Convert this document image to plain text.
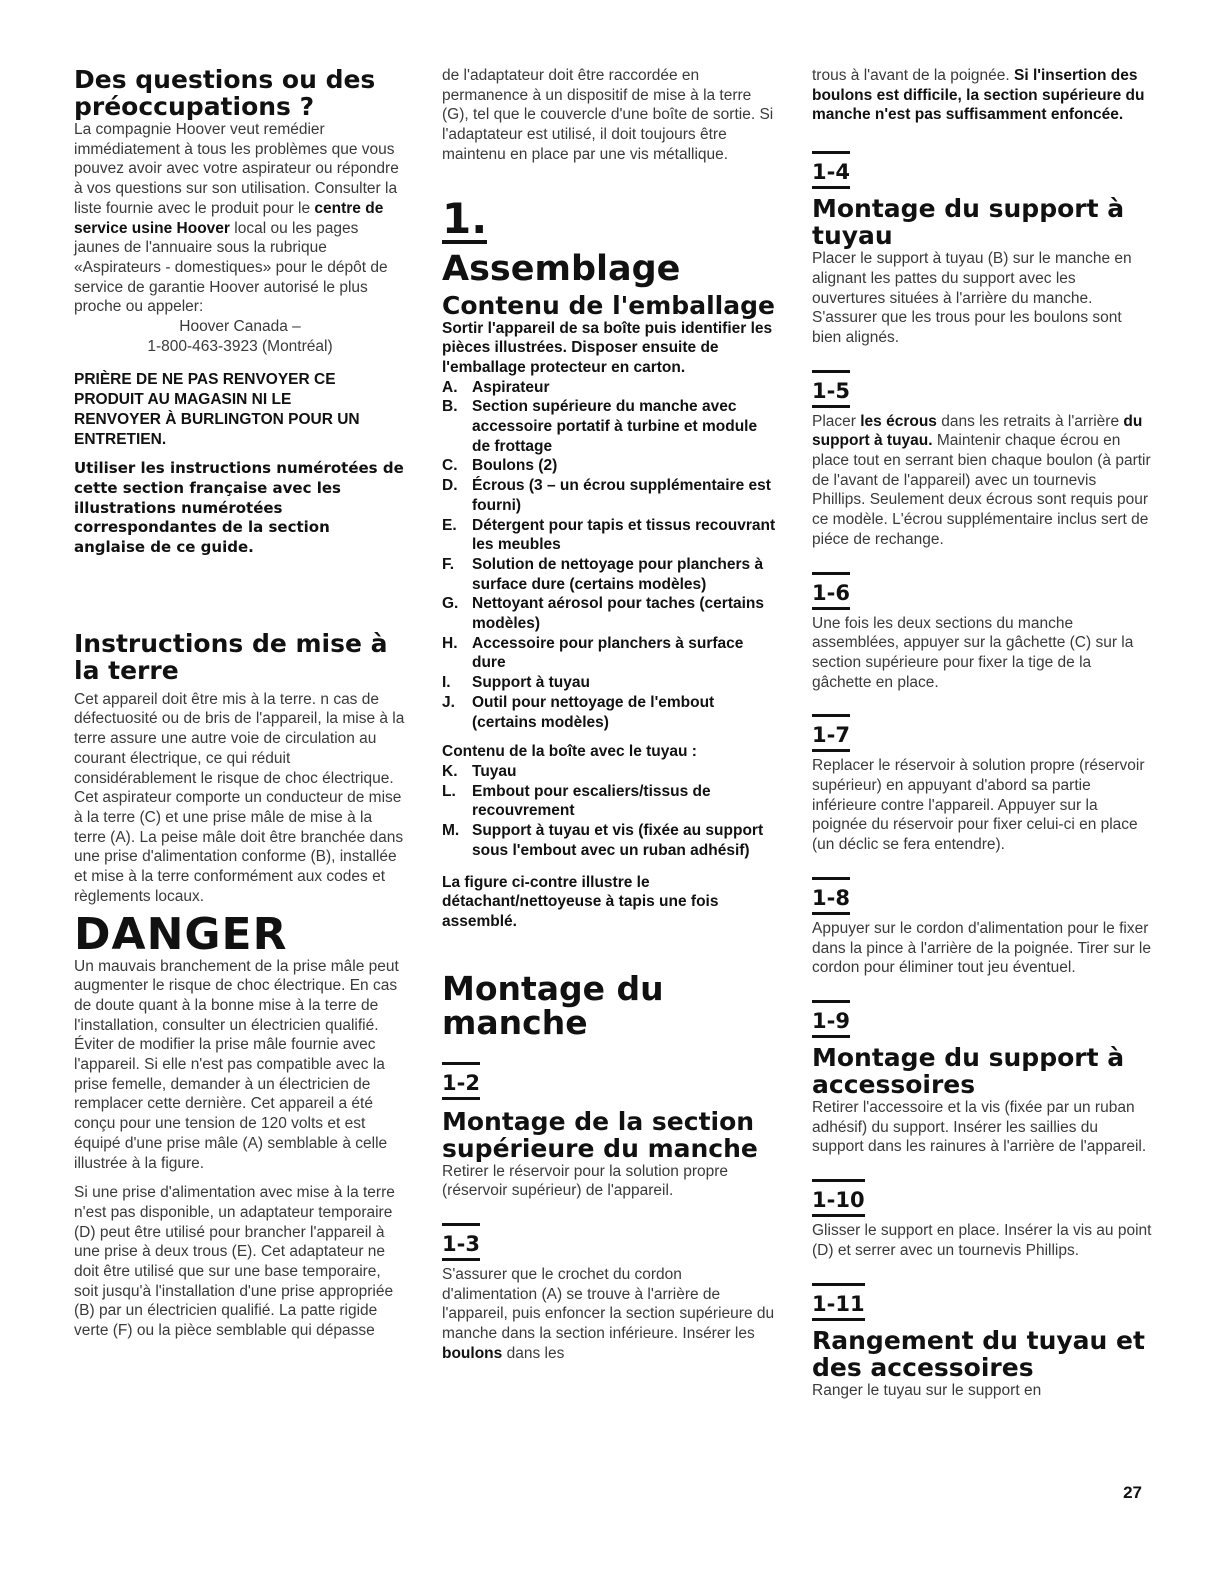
Des questions ou des préoccupations ?

La compagnie Hoover veut remédier immédiatement à tous les problèmes que vous pouvez avoir avec votre aspirateur ou répondre à vos questions sur son utilisation. Consulter la liste fournie avec le produit pour le centre de service usine Hoover local ou les pages jaunes de l'annuaire sous la rubrique «Aspirateurs - domestiques» pour le dépôt de service de garantie Hoover autorisé le plus proche ou appeler:

Hoover Canada –

1-800-463-3923 (Montréal)

PRIÈRE DE NE PAS RENVOYER CE PRODUIT AU MAGASIN NI LE RENVOYER À BURLINGTON POUR UN ENTRETIEN.

Utiliser les instructions numérotées de cette section française avec les illustrations numérotées correspondantes de la section anglaise de ce guide.

Instructions de mise à la terre

Cet appareil doit être mis à la terre. n cas de défectuosité ou de bris de l'appareil, la mise à la terre assure une autre voie de circulation au courant électrique, ce qui réduit considérablement le risque de choc électrique. Cet aspirateur comporte un conducteur de mise à la terre (C) et une prise mâle de mise à la terre (A). La peise mâle doit être branchée dans une prise d'alimentation conforme (B), installée et mise à la terre conformément aux codes et règlements locaux.

DANGER

Un mauvais branchement de la prise mâle peut augmenter le risque de choc électrique. En cas de doute quant à la bonne mise à la terre de l'installation, consulter un électricien qualifié. Éviter de modifier la prise mâle fournie avec l'appareil. Si elle n'est pas compatible avec la prise femelle, demander à un électricien de remplacer cette dernière. Cet appareil a été conçu pour une tension de 120 volts et est équipé d'une prise mâle (A) semblable à celle illustrée à la figure.

Si une prise d'alimentation avec mise à la terre n'est pas disponible, un adaptateur temporaire (D) peut être utilisé pour brancher l'appareil à une prise à deux trous (E). Cet adaptateur ne doit être utilisé que sur une base temporaire, soit jusqu'à l'installation d'une prise appropriée (B) par un électricien qualifié. La patte rigide verte (F) ou la pièce semblable qui dépasse

de l'adaptateur doit être raccordée en permanence à un dispositif de mise à la terre (G), tel que le couvercle d'une boîte de sortie. Si l'adaptateur est utilisé, il doit toujours être maintenu en place par une vis métallique.

1.
Assemblage
Contenu de l'emballage

Sortir l'appareil de sa boîte puis identifier les pièces illustrées. Disposer ensuite de l'emballage protecteur en carton.

A. Aspirateur
B. Section supérieure du manche avec accessoire portatif à turbine et module de frottage
C. Boulons (2)
D. Écrous (3 – un écrou supplémentaire est fourni)
E. Détergent pour tapis et tissus recouvrant les meubles
F.	Solution de nettoyage pour planchers à surface dure (certains modèles)
G. Nettoyant aérosol pour taches (certains modèles)
H. Accessoire pour planchers à surface dure
I.	Support à tuyau
J.	Outil pour nettoyage de l'embout (certains modèles)

Contenu de la boîte avec le tuyau :

K. Tuyau
L.	Embout pour escaliers/tissus de recouvrement
M. Support à tuyau et vis (fixée au support sous l'embout avec un ruban adhésif)

La figure ci-contre illustre le détachant/nettoyeuse à tapis une fois assemblé.

Montage du manche
1-2
Montage de la section supérieure du manche

Retirer le réservoir pour la solution propre (réservoir supérieur) de l'appareil.

1-3

S'assurer que le crochet du cordon d'alimentation (A) se trouve à l'arrière de l'appareil, puis enfoncer la section supérieure du manche dans la section inférieure. Insérer les boulons dans les

trous à l'avant de la poignée. Si l'insertion des boulons est difficile, la section supérieure du manche n'est pas suffisamment enfoncée.

1-4
Montage du support à tuyau

Placer le support à tuyau (B) sur le manche en alignant les pattes du support avec les ouvertures situées à l'arrière du manche. S'assurer que les trous pour les boulons sont bien alignés.

1-5

Placer les écrous dans les retraits à l'arrière du support à tuyau. Maintenir chaque écrou en place tout en serrant bien chaque boulon (à partir de l'avant de l'appareil) avec un tournevis Phillips. Seulement deux écrous sont requis pour ce modèle. L'écrou supplémentaire inclus sert de piéce de rechange.

1-6

Une fois les deux sections du manche assemblées, appuyer sur la gâchette (C) sur la section supérieure pour fixer la tige de la gâchette en place.

1-7

Replacer le réservoir à solution propre (réservoir supérieur) en appuyant d'abord sa partie inférieure contre l'appareil. Appuyer sur la poignée du réservoir pour fixer celui-ci en place (un déclic se fera entendre).

1-8

Appuyer sur le cordon d'alimentation pour le fixer dans la pince à l'arrière de la poignée. Tirer sur le cordon pour éliminer tout jeu éventuel.

1-9
Montage du support à accessoires

Retirer l'accessoire et la vis (fixée par un ruban adhésif) du support. Insérer les saillies du support dans les rainures à l'arrière de l'appareil.

1-10

Glisser le support en place. Insérer la vis au point (D) et serrer avec un tournevis Phillips.

1-11
Rangement du tuyau et des accessoires

Ranger le tuyau sur le support en

27
